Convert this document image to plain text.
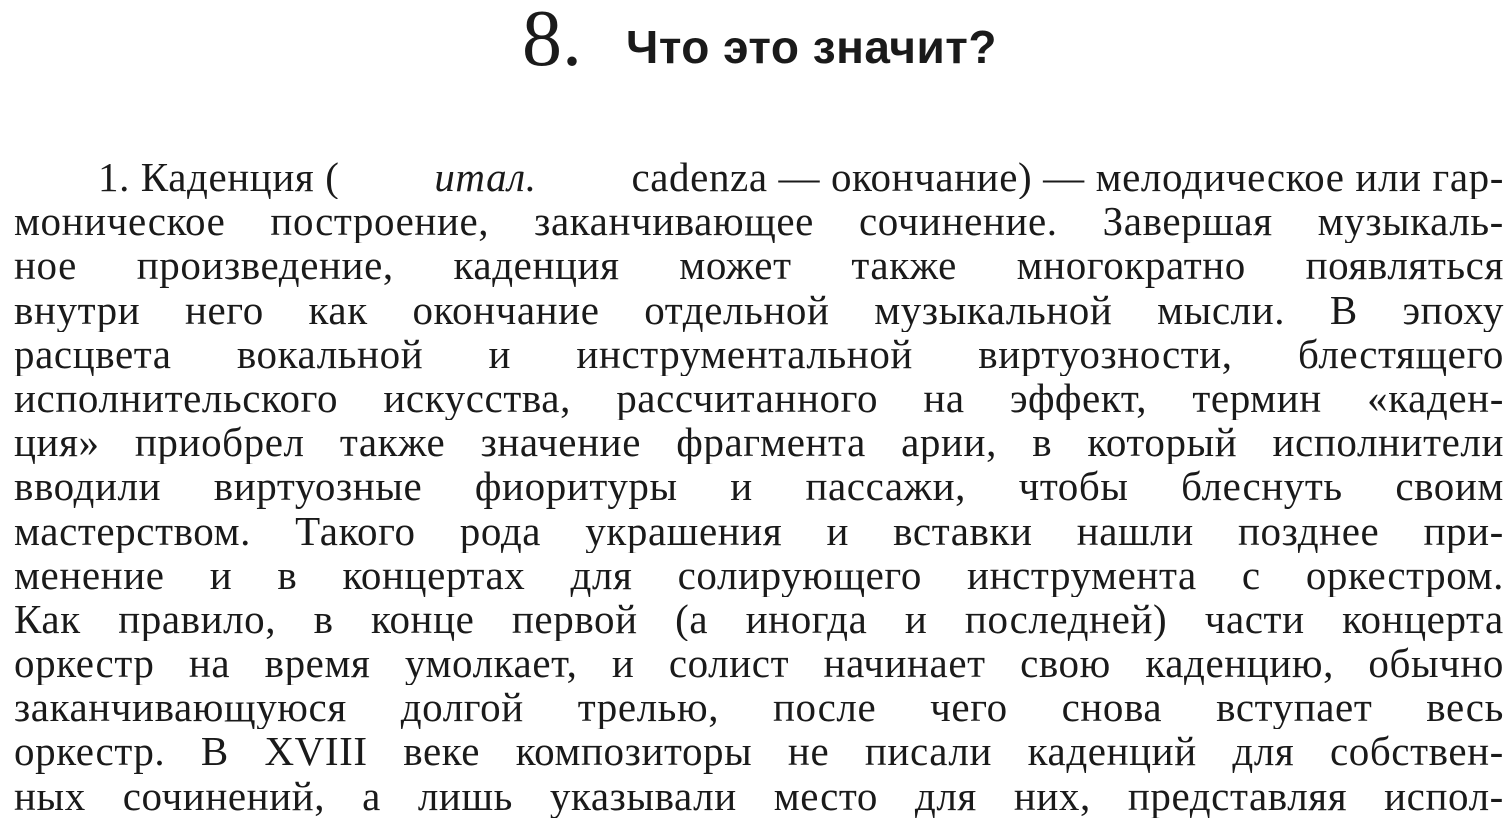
8. Что это значит?
1. Каденция ( итал. cadenza — окончание) — мелодическое или гар-
моническое построение, заканчивающее сочинение. Завершая музыкаль-
ное произведение, каденция может также многократно появляться
внутри него как окончание отдельной музыкальной мысли. В эпоху
расцвета вокальной и инструментальной виртуозности, блестящего
исполнительского искусства, рассчитанного на эффект, термин «каден-
ция» приобрел также значение фрагмента арии, в который исполнители
вводили виртуозные фиоритуры и пассажи, чтобы блеснуть своим
мастерством. Такого рода украшения и вставки нашли позднее при-
менение и в концертах для солирующего инструмента с оркестром.
Как правило, в конце первой (а иногда и последней) части концерта
оркестр на время умолкает, и солист начинает свою каденцию, обычно
заканчивающуюся долгой трелью, после чего снова вступает весь
оркестр. В XVIII веке композиторы не писали каденций для собствен-
ных сочинений, а лишь указывали место для них, представляя испол-
